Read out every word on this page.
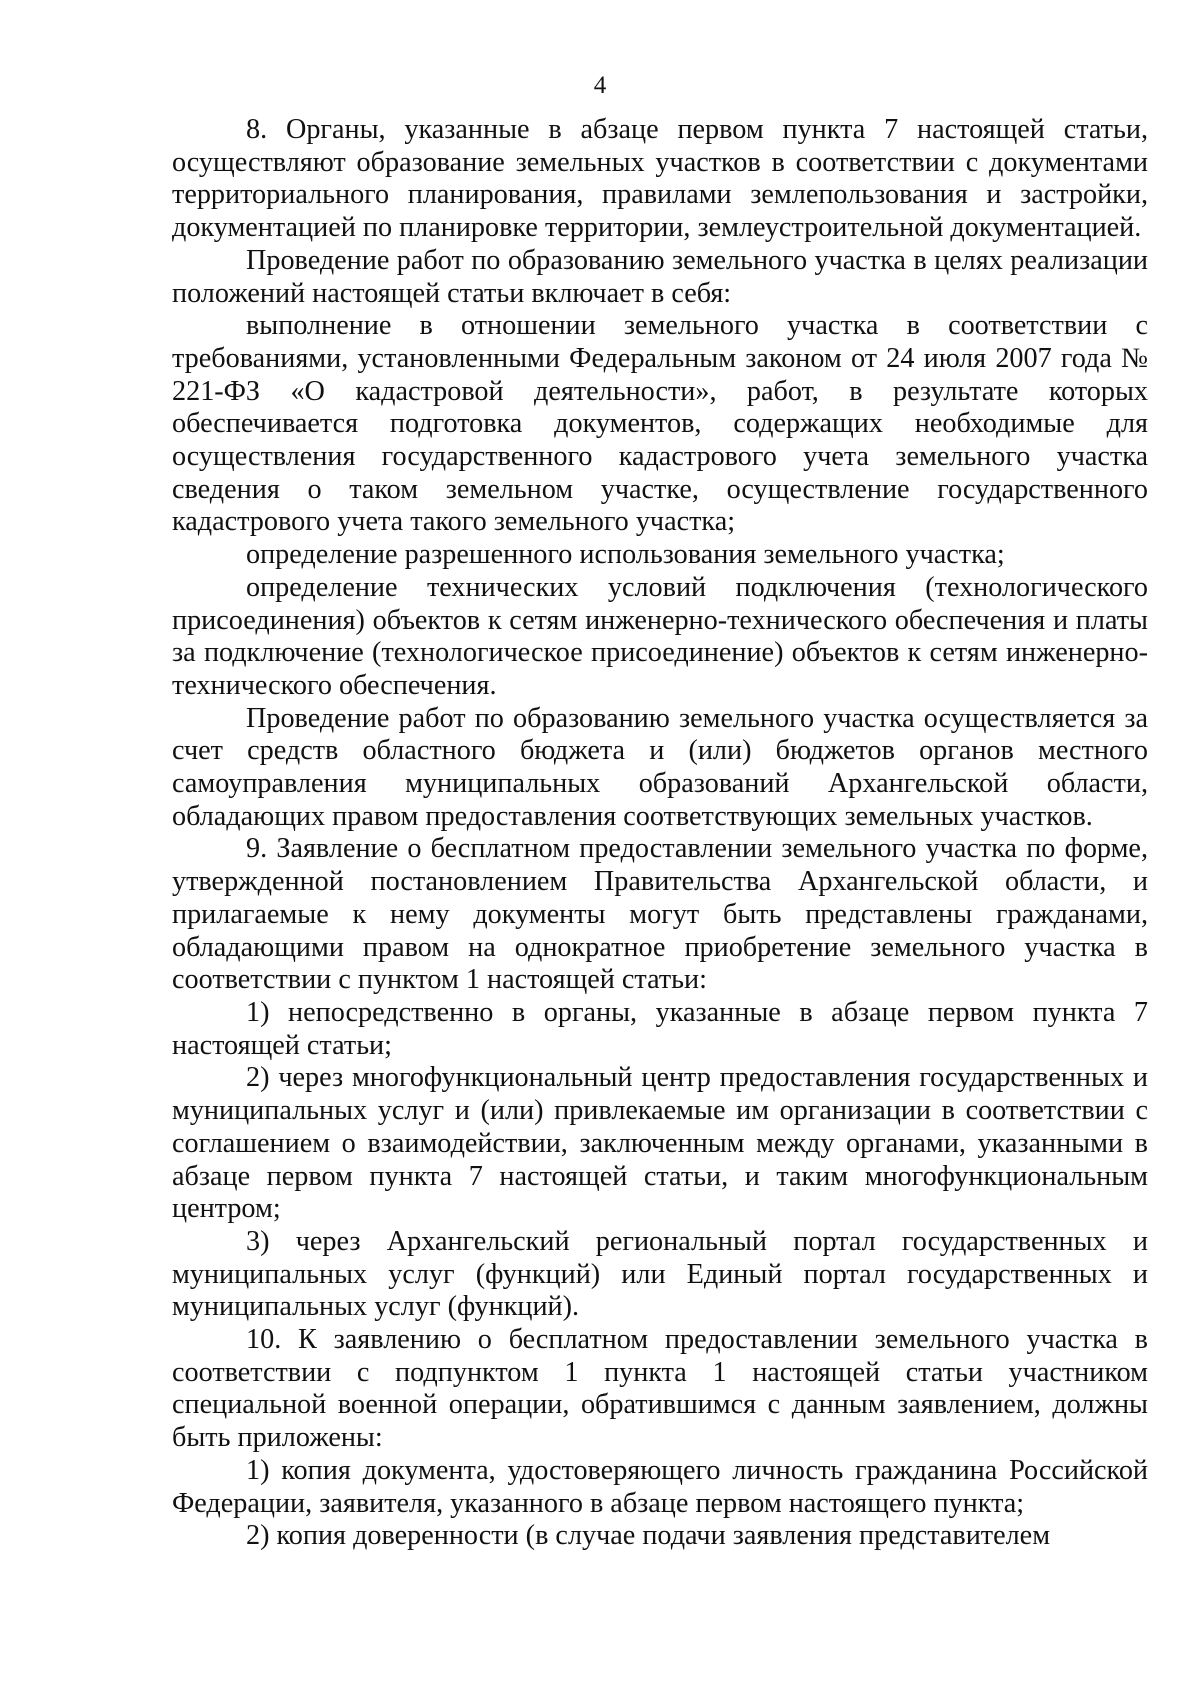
4

8. Органы, указанные в абзаце первом пункта 7 настоящей статьи, осуществляют образование земельных участков в соответствии с документами территориального планирования, правилами землепользования и застройки, документацией по планировке территории, землеустроительной документацией.

Проведение работ по образованию земельного участка в целях реализации положений настоящей статьи включает в себя:

выполнение в отношении земельного участка в соответствии с требованиями, установленными Федеральным законом от 24 июля 2007 года № 221-ФЗ «О кадастровой деятельности», работ, в результате которых обеспечивается подготовка документов, содержащих необходимые для осуществления государственного кадастрового учета земельного участка сведения о таком земельном участке, осуществление государственного кадастрового учета такого земельного участка;

определение разрешенного использования земельного участка;

определение технических условий подключения (технологического присоединения) объектов к сетям инженерно-технического обеспечения и платы за подключение (технологическое присоединение) объектов к сетям инженерно-технического обеспечения.

Проведение работ по образованию земельного участка осуществляется за счет средств областного бюджета и (или) бюджетов органов местного самоуправления муниципальных образований Архангельской области, обладающих правом предоставления соответствующих земельных участков.

9. Заявление о бесплатном предоставлении земельного участка по форме, утвержденной постановлением Правительства Архангельской области, и прилагаемые к нему документы могут быть представлены гражданами, обладающими правом на однократное приобретение земельного участка в соответствии с пунктом 1 настоящей статьи:

1) непосредственно в органы, указанные в абзаце первом пункта 7 настоящей статьи;

2) через многофункциональный центр предоставления государственных и муниципальных услуг и (или) привлекаемые им организации в соответствии с соглашением о взаимодействии, заключенным между органами, указанными в абзаце первом пункта 7 настоящей статьи, и таким многофункциональным центром;

3) через Архангельский региональный портал государственных и муниципальных услуг (функций) или Единый портал государственных и муниципальных услуг (функций).

10. К заявлению о бесплатном предоставлении земельного участка в соответствии с подпунктом 1 пункта 1 настоящей статьи участником специальной военной операции, обратившимся с данным заявлением, должны быть приложены:

1) копия документа, удостоверяющего личность гражданина Российской Федерации, заявителя, указанного в абзаце первом настоящего пункта;

2) копия доверенности (в случае подачи заявления представителем
